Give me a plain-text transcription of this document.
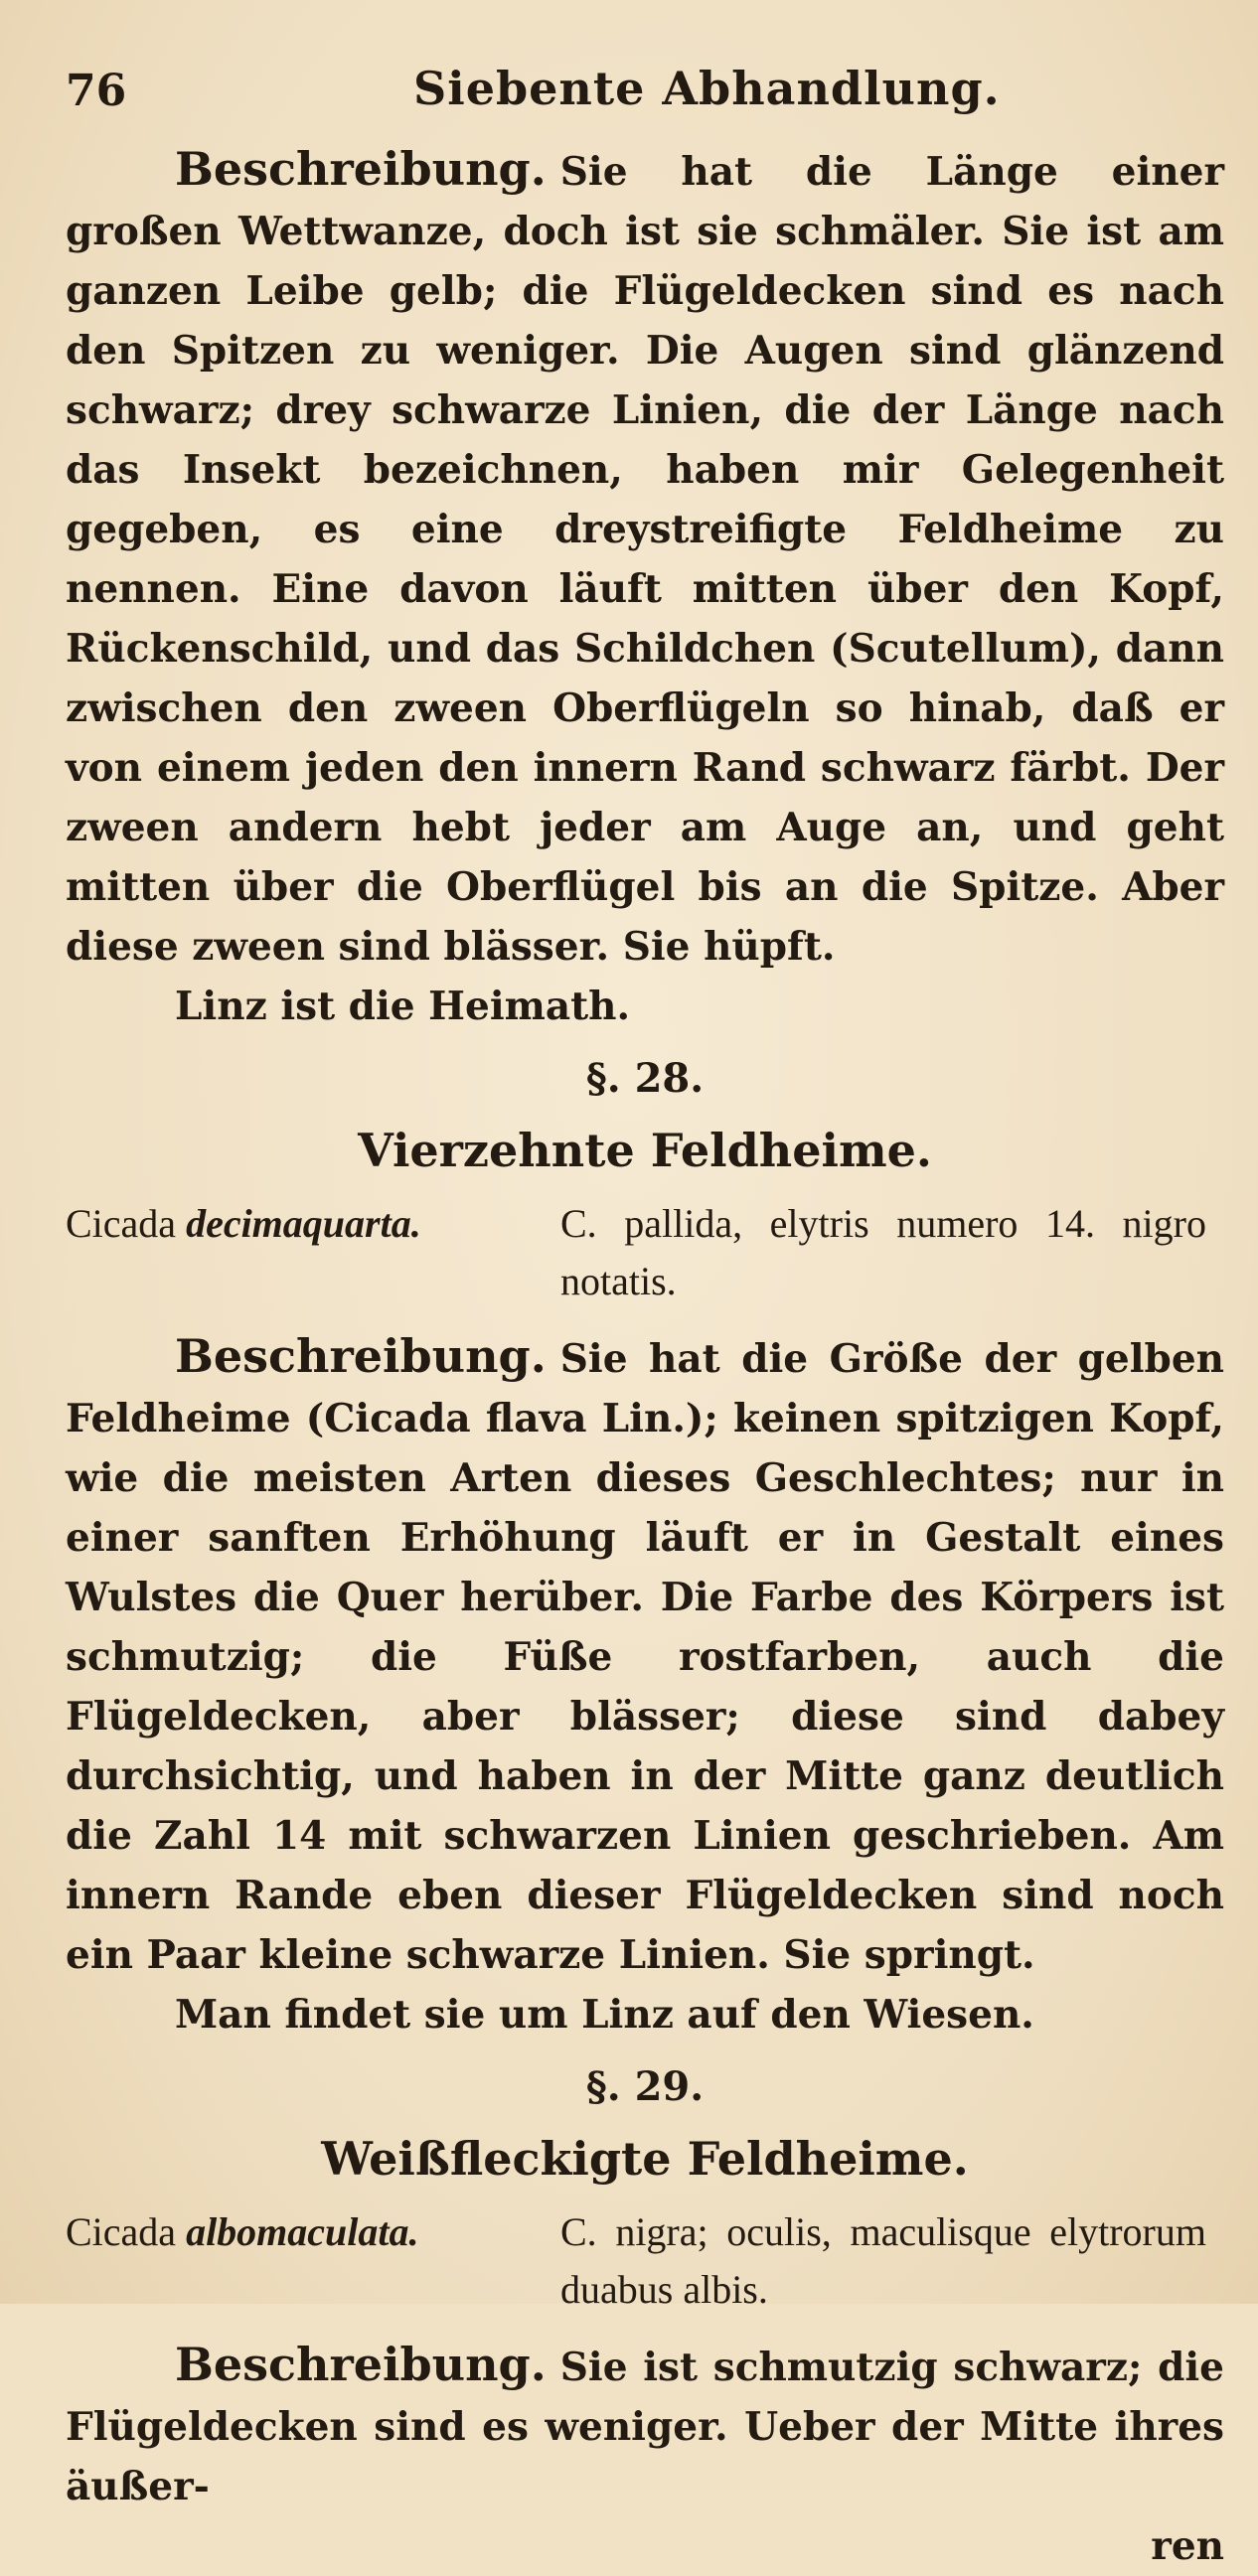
76	Siebente Abhandlung.

Beschreibung. Sie hat die Länge einer großen Wettwanze, doch ist sie schmäler. Sie ist am ganzen Leibe gelb; die Flügeldecken sind es nach den Spitzen zu weniger. Die Augen sind glänzend schwarz; drey schwarze Linien, die der Länge nach das Insekt bezeichnen, haben mir Gelegenheit gegeben, es eine dreystreifigte Feldheime zu nennen. Eine davon läuft mitten über den Kopf, Rückenschild, und das Schildchen (Scutellum), dann zwischen den zween Oberflügeln so hinab, daß er von einem jeden den innern Rand schwarz färbt. Der zween andern hebt jeder am Auge an, und geht mitten über die Oberflügel bis an die Spitze. Aber diese zween sind blässer. Sie hüpft.

Linz ist die Heimath.

§. 28.
Vierzehnte Feldheime.
Cicada decimaquarta.	C. pallida, elytris numero 14. nigro notatis.

Beschreibung. Sie hat die Größe der gelben Feldheime (Cicada flava Lin.); keinen spitzigen Kopf, wie die meisten Arten dieses Geschlechtes; nur in einer sanften Erhöhung läuft er in Gestalt eines Wulstes die Quer herüber. Die Farbe des Körpers ist schmutzig; die Füße rostfarben, auch die Flügeldecken, aber blässer; diese sind dabey durchsichtig, und haben in der Mitte ganz deutlich die Zahl 14 mit schwarzen Linien geschrieben. Am innern Rande eben dieser Flügeldecken sind noch ein Paar kleine schwarze Linien. Sie springt.

Man findet sie um Linz auf den Wiesen.

§. 29.
Weißfleckigte Feldheime.
Cicada albomaculata.	C. nigra; oculis, maculisque elytrorum duabus albis.

Beschreibung. Sie ist schmutzig schwarz; die Flügeldecken sind es weniger. Ueber der Mitte ihres äußer-

ren
